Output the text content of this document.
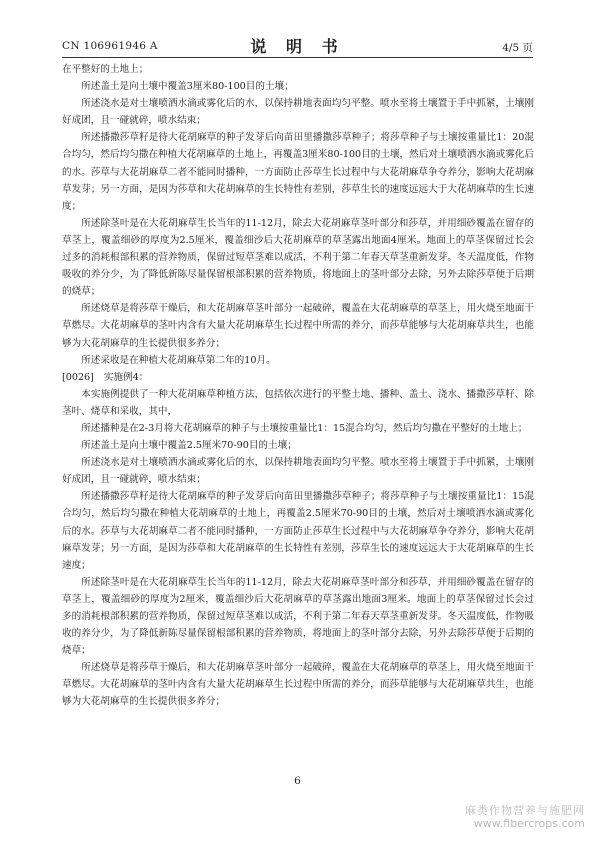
CN 106961946 A	说 明 书	4/5 页

在平整好的土地上；

所述盖土是向土壤中覆盖3厘米80-100目的土壤；

所述浇水是对土壤喷洒水滴或雾化后的水，以保持耕地表面均匀平整。喷水至将土壤置于手中抓紧，土壤刚好成团，且一碰就碎，喷水结束；

所述播撒莎草籽是待大花胡麻草的种子发芽后向苗田里播撒莎草种子；将莎草种子与土壤按重量比1：20混合均匀，然后均匀撒在种植大花胡麻草的土地上，再覆盖3厘米80-100目的土壤，然后对土壤喷洒水滴或雾化后的水。莎草与大花胡麻草二者不能同时播种，一方面防止莎草生长过程中与大花胡麻草争夺养分，影响大花胡麻草发芽；另一方面，是因为莎草和大花胡麻草的生长特性有差别，莎草生长的速度远远大于大花胡麻草的生长速度；

所述除茎叶是在大花胡麻草生长当年的11-12月，除去大花胡麻草茎叶部分和莎草，并用细砂覆盖在留存的草茎上，覆盖细砂的厚度为2.5厘米，覆盖细沙后大花胡麻草的草茎露出地面4厘米。地面上的草茎保留过长会过多的消耗根部积累的营养物质，保留过短草茎难以成活，不利于第二年春天草茎重新发芽。冬天温度低，作物吸收的养分少，为了降低新陈尽量保留根部积累的营养物质，将地面上的茎叶部分去除，另外去除莎草便于后期的烧草；

所述烧草是将莎草干燥后，和大花胡麻草茎叶部分一起破碎，覆盖在大花胡麻草的草茎上，用火烧至地面干草燃尽。大花胡麻草的茎叶内含有大量大花胡麻草生长过程中所需的养分，而莎草能够与大花胡麻草共生，也能够为大花胡麻草的生长提供很多养分；

所述采收是在种植大花胡麻草第二年的10月。

[0026] 实施例4：

本实施例提供了一种大花胡麻草种植方法，包括依次进行的平整土地、播种、盖土、浇水、播撒莎草籽、除茎叶、烧草和采收，其中，

所述播种是在2-3月将大花胡麻草的种子与土壤按重量比1：15混合均匀，然后均匀撒在平整好的土地上；

所述盖土是向土壤中覆盖2.5厘米70-90目的土壤；

所述浇水是对土壤喷洒水滴或雾化后的水，以保持耕地表面均匀平整。喷水至将土壤置于手中抓紧，土壤刚好成团，且一碰就碎，喷水结束；

所述播撒莎草籽是待大花胡麻草的种子发芽后向苗田里播撒莎草种子；将莎草种子与土壤按重量比1：15混合均匀，然后均匀撒在种植大花胡麻草的土地上，再覆盖2.5厘米70-90目的土壤，然后对土壤喷洒水滴或雾化后的水。莎草与大花胡麻草二者不能同时播种，一方面防止莎草生长过程中与大花胡麻草争夺养分，影响大花胡麻草发芽；另一方面，是因为莎草和大花胡麻草的生长特性有差别，莎草生长的速度远远大于大花胡麻草的生长速度；

所述除茎叶是在大花胡麻草生长当年的11-12月，除去大花胡麻草茎叶部分和莎草，并用细砂覆盖在留存的草茎上，覆盖细砂的厚度为2厘米，覆盖细沙后大花胡麻草的草茎露出地面3厘米。地面上的草茎保留过长会过多的消耗根部积累的营养物质，保留过短草茎难以成活，不利于第二年春天草茎重新发芽。冬天温度低，作物吸收的养分少，为了降低新陈尽量保留根部积累的营养物质，将地面上的茎叶部分去除，另外去除莎草便于后期的烧草；

所述烧草是将莎草干燥后，和大花胡麻草茎叶部分一起破碎，覆盖在大花胡麻草的草茎上，用火烧至地面干草燃尽。大花胡麻草的茎叶内含有大量大花胡麻草生长过程中所需的养分，而莎草能够与大花胡麻草共生，也能够为大花胡麻草的生长提供很多养分；

6
麻类作物营养与施肥网
www.fibercrops.com
